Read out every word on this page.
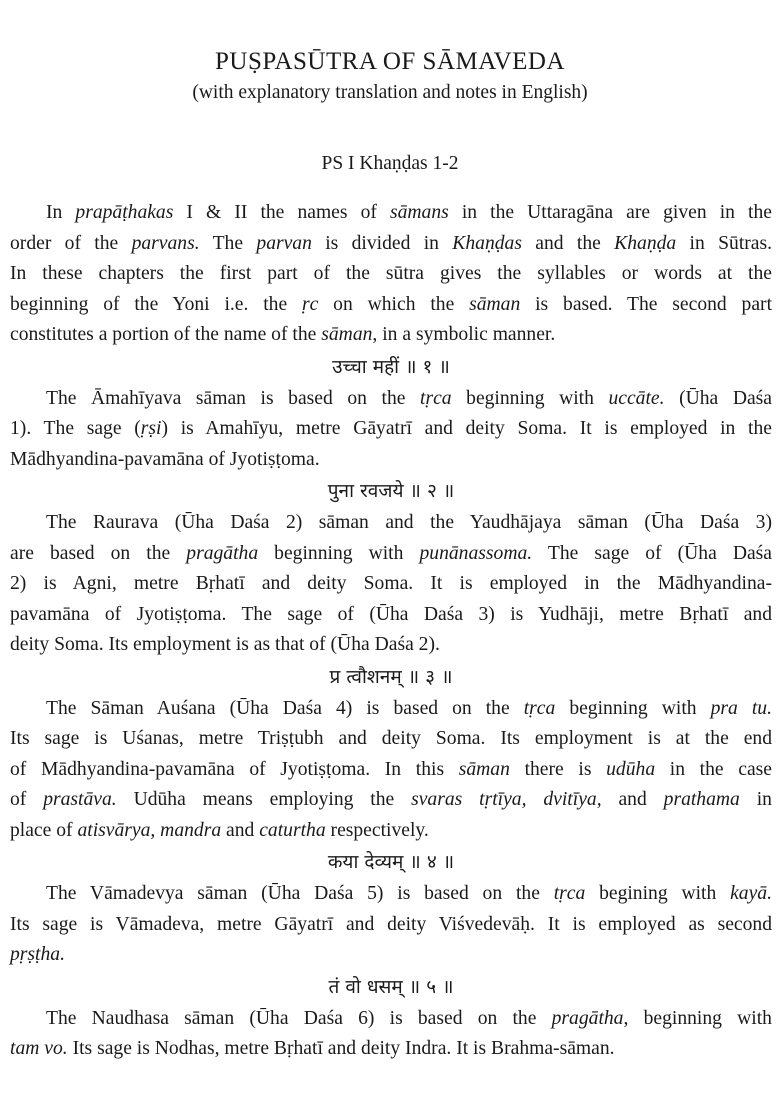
PUṢPASŪTRA OF SĀMAVEDA
(with explanatory translation and notes in English)
PS I Khaṇḍas 1-2
In prapāṭhakas I & II the names of sāmans in the Uttaragāna are given in the
order of the parvans. The parvan is divided in Khaṇḍas and the Khaṇḍa in Sūtras.
In these chapters the first part of the sūtra gives the syllables or words at the
beginning of the Yoni i.e. the ṛc on which the sāman is based. The second part
constitutes a portion of the name of the sāman, in a symbolic manner.
उच्चा महीं ॥ १ ॥
The Āmahīyava sāman is based on the tṛca beginning with uccāte. (Ūha Daśa
1). The sage (ṛṣi) is Amahīyu, metre Gāyatrī and deity Soma. It is employed in the
Mādhyandina-pavamāna of Jyotiṣṭoma.
पुना रवजये ॥ २ ॥
The Raurava (Ūha Daśa 2) sāman and the Yaudhājaya sāman (Ūha Daśa 3)
are based on the pragātha beginning with punānassoma. The sage of (Ūha Daśa
2) is Agni, metre Bṛhatī and deity Soma. It is employed in the Mādhyandina-
pavamāna of Jyotiṣṭoma. The sage of (Ūha Daśa 3) is Yudhāji, metre Bṛhatī and
deity Soma. Its employment is as that of (Ūha Daśa 2).
प्र त्वौशनम् ॥ ३ ॥
The Sāman Auśana (Ūha Daśa 4) is based on the tṛca beginning with pra tu.
Its sage is Uśanas, metre Triṣṭubh and deity Soma. Its employment is at the end
of Mādhyandina-pavamāna of Jyotiṣṭoma. In this sāman there is udūha in the case
of prastāva. Udūha means employing the svaras tṛtīya, dvitīya, and prathama in
place of atisvārya, mandra and caturtha respectively.
कया देव्यम् ॥ ४ ॥
The Vāmadevya sāman (Ūha Daśa 5) is based on the tṛca begining with kayā.
Its sage is Vāmadeva, metre Gāyatrī and deity Viśvedevāḥ. It is employed as second
pṛṣṭha.
तं वो धसम् ॥ ५ ॥
The Naudhasa sāman (Ūha Daśa 6) is based on the pragātha, beginning with
tam vo. Its sage is Nodhas, metre Bṛhatī and deity Indra. It is Brahma-sāman.
